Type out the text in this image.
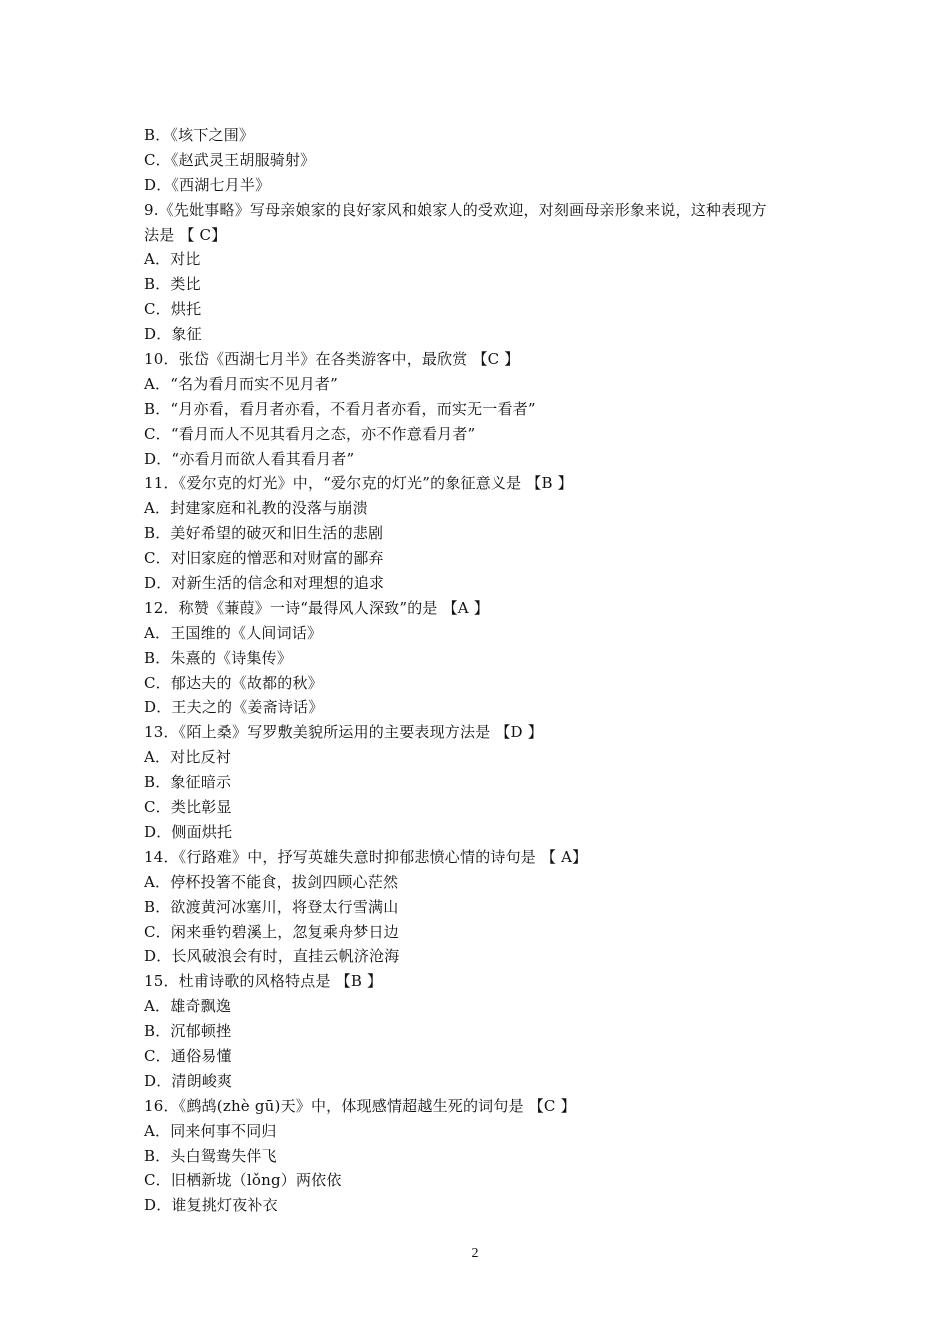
B．《垓下之围》
C．《赵武灵王胡服骑射》
D．《西湖七月半》
9.《先妣事略》写母亲娘家的良好家风和娘家人的受欢迎，对刻画母亲形象来说，这种表现方
法是 【 C】
A．对比
B．类比
C．烘托
D．象征
10．张岱《西湖七月半》在各类游客中，最欣赏 【C 】
A．“名为看月而实不见月者”
B．“月亦看，看月者亦看，不看月者亦看，而实无一看者”
C．“看月而人不见其看月之态，亦不作意看月者”
D．“亦看月而欲人看其看月者”
11．《爱尔克的灯光》中，“爱尔克的灯光”的象征意义是 【B 】
A．封建家庭和礼教的没落与崩溃
B．美好希望的破灭和旧生活的悲剧
C．对旧家庭的憎恶和对财富的鄙弃
D．对新生活的信念和对理想的追求
12．称赞《蒹葭》一诗“最得风人深致”的是 【A 】
A．王国维的《人间词话》
B．朱熹的《诗集传》
C．郁达夫的《故都的秋》
D．王夫之的《姜斋诗话》
13．《陌上桑》写罗敷美貌所运用的主要表现方法是 【D 】
A．对比反衬
B．象征暗示
C．类比彰显
D．侧面烘托
14．《行路难》中，抒写英雄失意时抑郁悲愤心情的诗句是 【 A】
A．停杯投箸不能食，拔剑四顾心茫然
B．欲渡黄河冰塞川，将登太行雪满山
C．闲来垂钓碧溪上，忽复乘舟梦日边
D．长风破浪会有时，直挂云帆济沧海
15．杜甫诗歌的风格特点是 【B 】
A．雄奇飘逸
B．沉郁顿挫
C．通俗易懂
D．清朗峻爽
16．《鹧鸪(zhè gū)天》中，体现感情超越生死的词句是 【C 】
A．同来何事不同归
B．头白鸳鸯失伴飞
C．旧栖新垅（lǒng）两依依
D．谁复挑灯夜补衣
2
